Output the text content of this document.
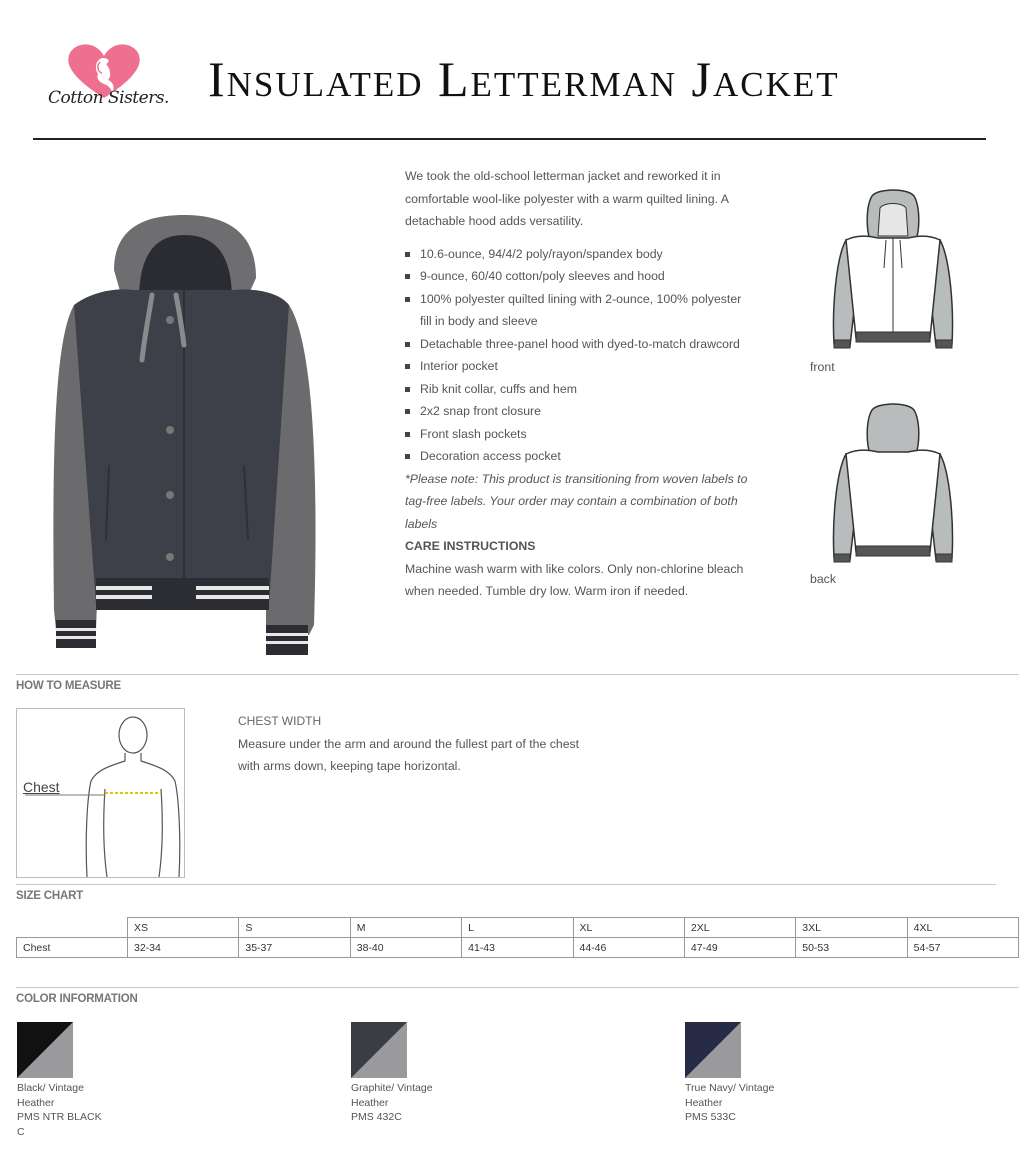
Cotton Sisters. Insulated Letterman Jacket

We took the old-school letterman jacket and reworked it in comfortable wool-like polyester with a warm quilted lining. A detachable hood adds versatility.

10.6-ounce, 94/4/2 poly/rayon/spandex body
9-ounce, 60/40 cotton/poly sleeves and hood
100% polyester quilted lining with 2-ounce, 100% polyester fill in body and sleeve
Detachable three-panel hood with dyed-to-match drawcord
Interior pocket
Rib knit collar, cuffs and hem
2x2 snap front closure
Front slash pockets
Decoration access pocket

*Please note: This product is transitioning from woven labels to tag-free labels. Your order may contain a combination of both labels

CARE INSTRUCTIONS

Machine wash warm with like colors. Only non-chlorine bleach when needed. Tumble dry low. Warm iron if needed.

front
back
HOW TO MEASURE
Chest
CHEST WIDTH
Measure under the arm and around the fullest part of the chest with arms down, keeping tape horizontal.
SIZE CHART
	XS	S	M	L	XL	2XL	3XL	4XL
Chest	32-34	35-37	38-40	41-43	44-46	47-49	50-53	54-57
COLOR INFORMATION
Black/ Vintage
Heather
PMS NTR BLACK
C
Graphite/ Vintage
Heather
PMS 432C
True Navy/ Vintage
Heather
PMS 533C
